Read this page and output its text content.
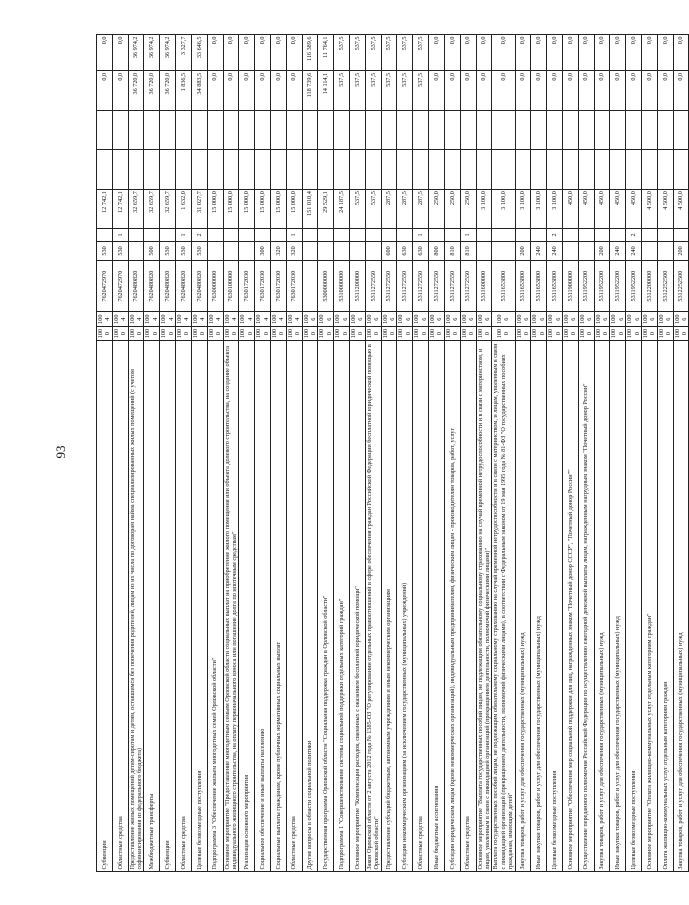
93
Субвенции	1000	1004	7620472970	530		12 742,1			0,0	0,0
Областные средства	1000	1004	7620472970	530	1	12 742,1			0,0	0,0
Предоставление жилых помещений детям-сиротам и детям, оставшимся без попечения родителей, лицам из их числа по договорам найма специализированных жилых помещений (с учетом софинансирования из федерального бюджета)	1000	1004	7620480820			32 659,7			36 720,0	36 974,2
Межбюджетные трансферты	1000	1004	7620480820	500		32 659,7			36 720,0	36 974,2
Субвенции	1000	1004	7620480820	530		32 659,7			36 720,0	36 974,2
Областные средства	1000	1004	7620480820	530	1	1 632,0			1 836,5	3 327,7
Целевые безвозмездные поступления	1000	1004	7620480820	530	2	31 027,7			34 883,5	33 646,5
Подпрограмма 3 "Обеспечение жильем многодетных семей Орловской области"	1000	1004	7630000000			15 000,0			0,0	0,0
Основное мероприятие "Предоставление многодетным семьям Орловской области социальных выплат на приобретение жилого помещения или объекта долевого строительства, на создание объекта индивидуального жилищного строительства, на оплату первоначального взноса или погашение долга по ипотечным средствам"	1000	1004	7630100000			15 000,0			0,0	0,0
Реализация основного мероприятия	1000	1004	7630172030			15 000,0			0,0	0,0
Социальное обеспечение и иные выплаты населению	1000	1004	7630172030	300		15 000,0			0,0	0,0
Социальные выплаты гражданам, кроме публичных нормативных социальных выплат	1000	1004	7630172030	320		15 000,0			0,0	0,0
Областные средства	1000	1004	7630172030	320	1	15 000,0			0,0	0,0
Другие вопросы в области социальной политики	1000	1006				151 010,4			118 739,6	116 389,6
Государственная программа Орловской области "Социальная поддержка граждан в Орловской области"	1000	1006	5300000000			29 529,1			14 114,1	11 764,1
Подпрограмма 1 "Совершенствование системы социальной поддержки отдельных категорий граждан"	1000	1006	5310000000			24 187,5			537,5	537,5
Основное мероприятие "Компенсация расходов, связанных с оказанием бесплатной юридической помощи"	1000	1006	5311200000			537,5			537,5	537,5
Закон Орловской области от 2 августа 2012 года № 1385-ОЗ "О регулировании отдельных правоотношений в сфере обеспечения граждан Российской Федерации бесплатной юридической помощью в Орловской области"	1000	1006	5311272550			537,5			537,5	537,5
Предоставление субсидий бюджетным, автономным учреждениям и иным некоммерческим организациям	1000	1006	5311272550	600		287,5			537,5	537,5
Субсидии некоммерческим организациям (за исключением государственных (муниципальных) учреждений)	1000	1006	5311272550	630		287,5			537,5	537,5
Областные средства	1000	1006	5311272550	630	1	287,5			537,5	537,5
Иные бюджетные ассигнования	1000	1006	5311272550	800		250,0			0,0	0,0
Субсидии юридическим лицам (кроме некоммерческих организаций), индивидуальным предпринимателям, физическим лицам - производителям товаров, работ, услуг	1000	1006	5311272550	810		250,0			0,0	0,0
Областные средства	1000	1006	5311272550	810	1	250,0			0,0	0,0
Основное мероприятие "Выплата государственных пособий лицам, не подлежащим обязательному социальному страхованию на случай временной нетрудоспособности и в связи с материнством, и лицам, уволенным в связи с ликвидацией организаций (прекращением деятельности, полномочий физическими лицами)"	1000	1006	5311600000			3 100,0			0,0	0,0
Выплата государственных пособий лицам, не подлежащим обязательному социальному страхованию на случай временной нетрудоспособности и в связи с материнством, и лицам, уволенным в связи с ликвидацией организаций (прекращением деятельности, полномочий физическими лицами), в соответствии с Федеральным законом от 19 мая 1995 года № 81-ФЗ "О государственных пособиях гражданам, имеющим детей"	1000	1006	5311653800			3 100,0			0,0	0,0
Закупка товаров, работ и услуг для обеспечения государственных (муниципальных) нужд	1000	1006	5311653800	200		3 100,0			0,0	0,0
Иные закупки товаров, работ и услуг для обеспечения государственных (муниципальных) нужд	1000	1006	5311653800	240		3 100,0			0,0	0,0
Целевые безвозмездные поступления	1000	1006	5311653800	240	2	3 100,0			0,0	0,0
Основное мероприятие "Обеспечение мер социальной поддержки для лиц, награжденных знаком "Почетный донор СССР", "Почетный донор России""	1000	1006	5311900000			450,0			0,0	0,0
Осуществление переданного полномочия Российской Федерации по осуществлению ежегодной денежной выплаты лицам, награжденным нагрудным знаком "Почетный донор России"	1000	1006	5311952200			450,0			0,0	0,0
Закупка товаров, работ и услуг для обеспечения государственных (муниципальных) нужд	1000	1006	5311952200	200		450,0			0,0	0,0
Иные закупки товаров, работ и услуг для обеспечения государственных (муниципальных) нужд	1000	1006	5311952200	240		450,0			0,0	0,0
Целевые безвозмездные поступления	1000	1006	5311952200	240	2	450,0			0,0	0,0
Основное мероприятие "Оплата жилищно-коммунальных услуг отдельным категориям граждан"	1000	1006	5312200000			4 500,0			0,0	0,0
Оплата жилищно-коммунальных услуг отдельным категориям граждан	1000	1006	5312252500			4 500,0			0,0	0,0
Закупка товаров, работ и услуг для обеспечения государственных (муниципальных) нужд	1000	1006	5312252500	200		4 500,0			0,0	0,0
